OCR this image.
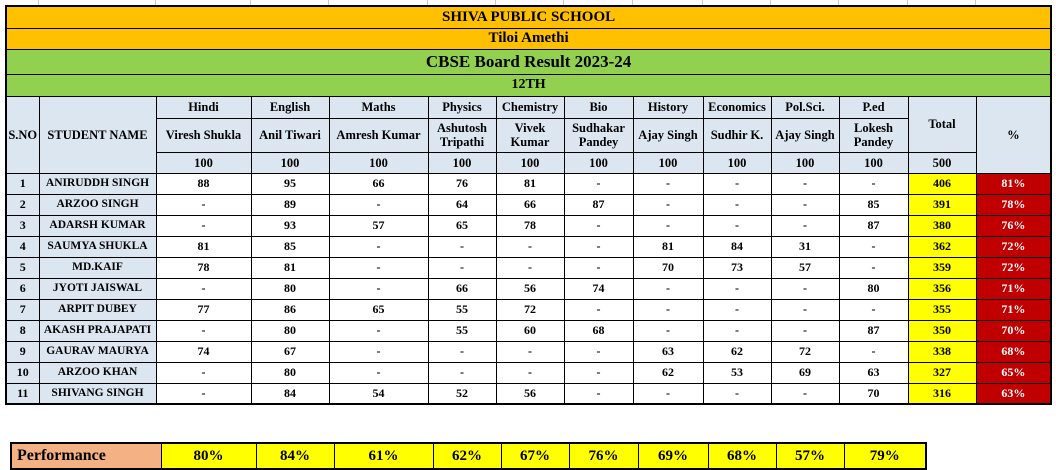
SHIVA PUBLIC SCHOOL													
Tiloi Amethi													
CBSE Board Result 2023-24													
12TH													
S.NO	STUDENT NAME	Hindi	English	Maths	Physics	Chemistry	Bio	History	Economics	Pol.Sci.	P.ed	Total	%
		Viresh Shukla	Anil Tiwari	Amresh Kumar	Ashutosh Tripathi	Vivek Kumar	Sudhakar Pandey	Ajay Singh	Sudhir K.	Ajay Singh	Lokesh Pandey		
		100	100	100	100	100	100	100	100	100	100	500	
1	ANIRUDDH SINGH	88	95	66	76	81	-	-	-	-	-	406	81%
2	ARZOO SINGH	-	89	-	64	66	87	-	-	-	85	391	78%
3	ADARSH KUMAR	-	93	57	65	78	-	-	-	-	87	380	76%
4	SAUMYA SHUKLA	81	85	-	-	-	-	81	84	31	-	362	72%
5	MD.KAIF	78	81	-	-	-	-	70	73	57	-	359	72%
6	JYOTI JAISWAL	-	80	-	66	56	74	-	-	-	80	356	71%
7	ARPIT DUBEY	77	86	65	55	72	-	-	-	-	-	355	71%
8	AKASH PRAJAPATI	-	80	-	55	60	68	-	-	-	87	350	70%
9	GAURAV MAURYA	74	67	-	-	-	-	63	62	72	-	338	68%
10	ARZOO KHAN	-	80	-	-	-	-	62	53	69	63	327	65%
11	SHIVANG SINGH	-	84	54	52	56	-	-	-	-	70	316	63%
Performance	80%	84%	61%	62%	67%	76%	69%	68%	57%	79%
